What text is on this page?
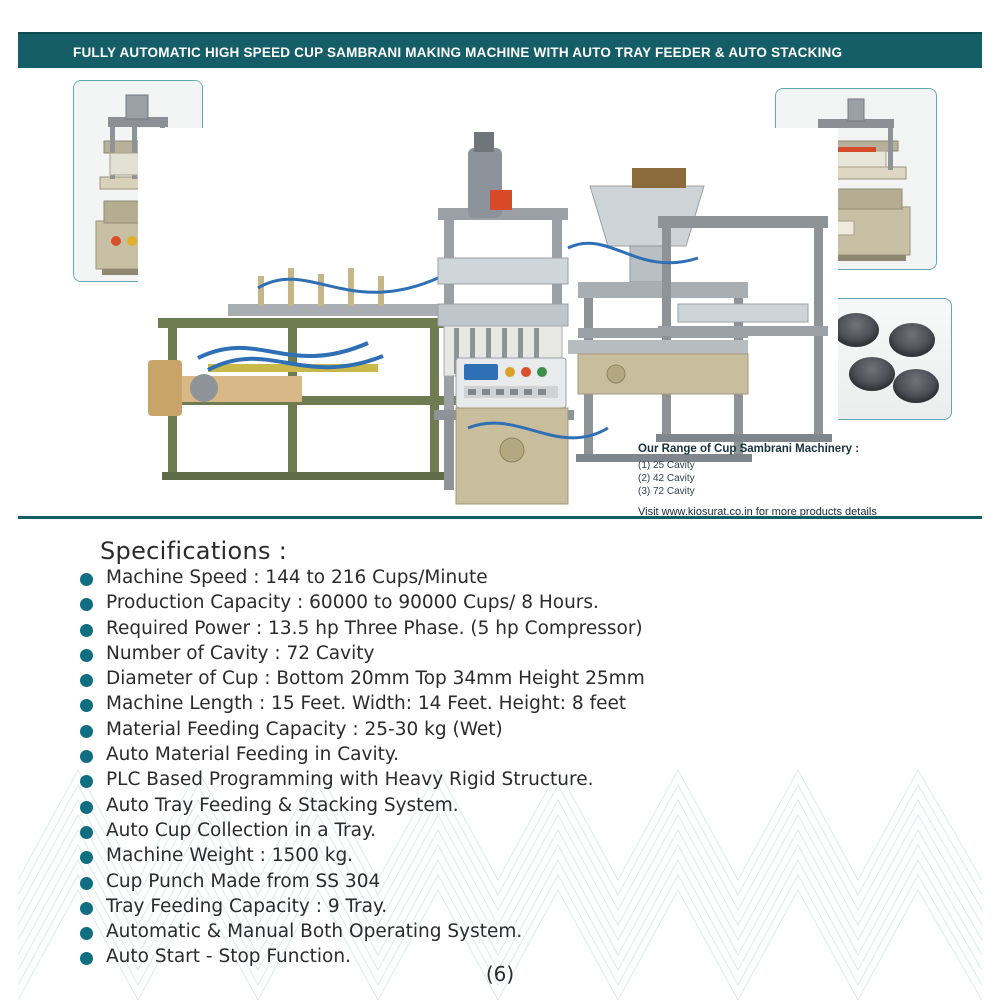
FULLY AUTOMATIC HIGH SPEED CUP SAMBRANI MAKING MACHINE WITH AUTO TRAY FEEDER & AUTO STACKING
Our Range of Cup Sambrani Machinery :
(1) 25 Cavity
(2) 42 Cavity
(3) 72 Cavity
Visit www.kiosurat.co.in for more products details
Specifications :
Machine Speed : 144 to 216 Cups/Minute
Production Capacity : 60000 to 90000 Cups/ 8 Hours.
Required Power : 13.5 hp Three Phase. (5 hp Compressor)
Number of Cavity : 72 Cavity
Diameter of Cup : Bottom 20mm Top 34mm Height 25mm
Machine Length : 15 Feet. Width: 14 Feet. Height: 8 feet
Material Feeding Capacity : 25-30 kg (Wet)
Auto Material Feeding in Cavity.
PLC Based Programming with Heavy Rigid Structure.
Auto Tray Feeding & Stacking System.
Auto Cup Collection in a Tray.
Machine Weight : 1500 kg.
Cup Punch Made from SS 304
Tray Feeding Capacity : 9 Tray.
Automatic & Manual Both Operating System.
Auto Start - Stop Function.
(6)
